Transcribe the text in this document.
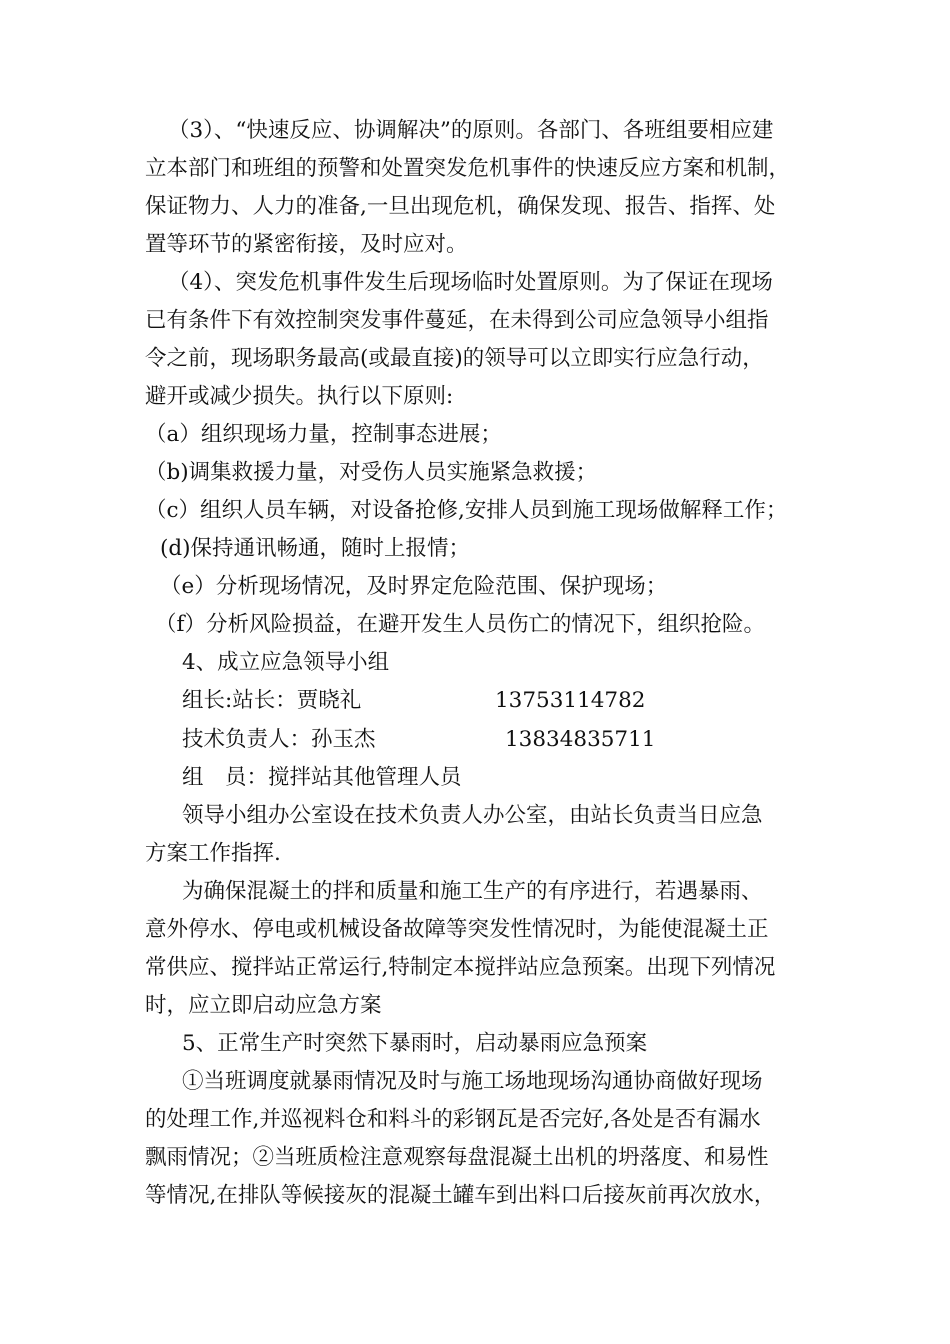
（3）、“快速反应、协调解决”的原则。各部门、各班组要相应建
立本部门和班组的预警和处置突发危机事件的快速反应方案和机制，
保证物力、人力的准备,一旦出现危机，确保发现、报告、指挥、处
置等环节的紧密衔接，及时应对。
（4）、突发危机事件发生后现场临时处置原则。为了保证在现场
已有条件下有效控制突发事件蔓延，在未得到公司应急领导小组指
令之前，现场职务最高(或最直接)的领导可以立即实行应急行动，
避开或减少损失。执行以下原则:
（a）组织现场力量，控制事态进展；
（b)调集救援力量，对受伤人员实施紧急救援；
（c）组织人员车辆，对设备抢修,安排人员到施工现场做解释工作；
(d)保持通讯畅通，随时上报情；
（e）分析现场情况，及时界定危险范围、保护现场；
（f）分析风险损益，在避开发生人员伤亡的情况下，组织抢险。
4、成立应急领导小组
组长:站长：贾晓礼	13753114782
技术负责人：孙玉杰	13834835711
组　员：搅拌站其他管理人员
领导小组办公室设在技术负责人办公室，由站长负责当日应急
方案工作指挥.
为确保混凝土的拌和质量和施工生产的有序进行，若遇暴雨、
意外停水、停电或机械设备故障等突发性情况时，为能使混凝土正
常供应、搅拌站正常运行,特制定本搅拌站应急预案。出现下列情况
时，应立即启动应急方案
5、正常生产时突然下暴雨时，启动暴雨应急预案
①当班调度就暴雨情况及时与施工场地现场沟通协商做好现场
的处理工作,并巡视料仓和料斗的彩钢瓦是否完好,各处是否有漏水
飘雨情况；②当班质检注意观察每盘混凝土出机的坍落度、和易性
等情况,在排队等候接灰的混凝土罐车到出料口后接灰前再次放水，
